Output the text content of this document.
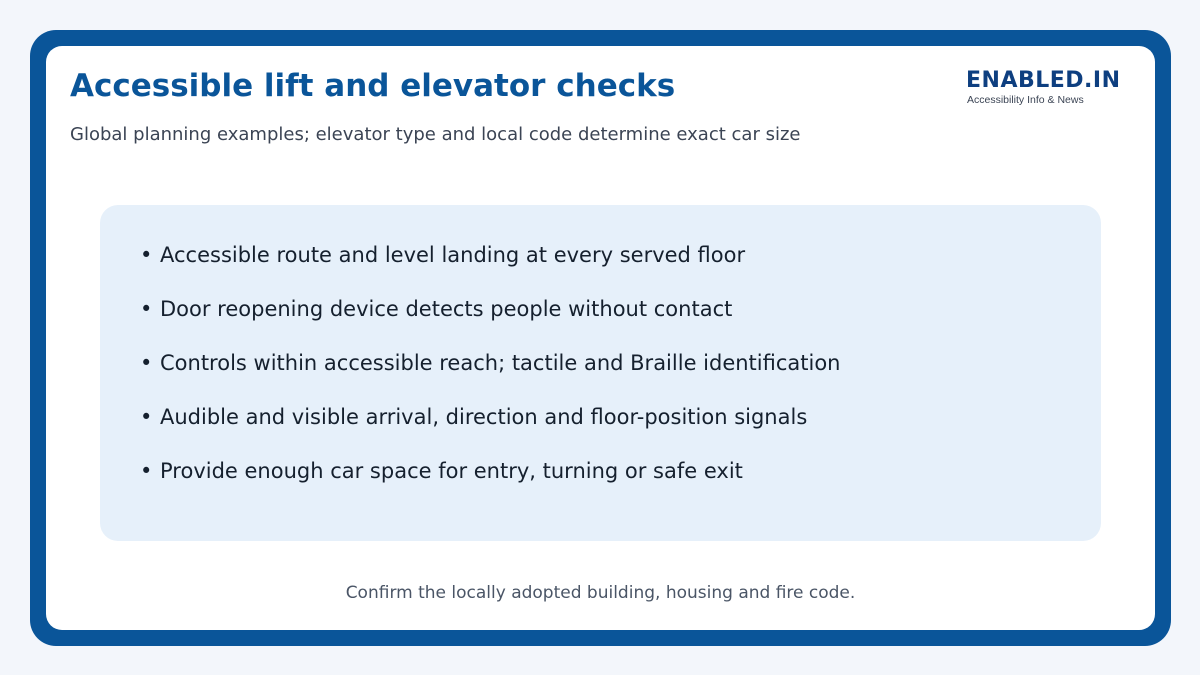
Accessible lift and elevator checks

Global planning examples; elevator type and local code determine exact car size

ENABLED.IN
Accessibility Info & News
• Accessible route and level landing at every served floor
• Door reopening device detects people without contact
• Controls within accessible reach; tactile and Braille identification
• Audible and visible arrival, direction and floor-position signals
• Provide enough car space for entry, turning or safe exit

Confirm the locally adopted building, housing and fire code.
